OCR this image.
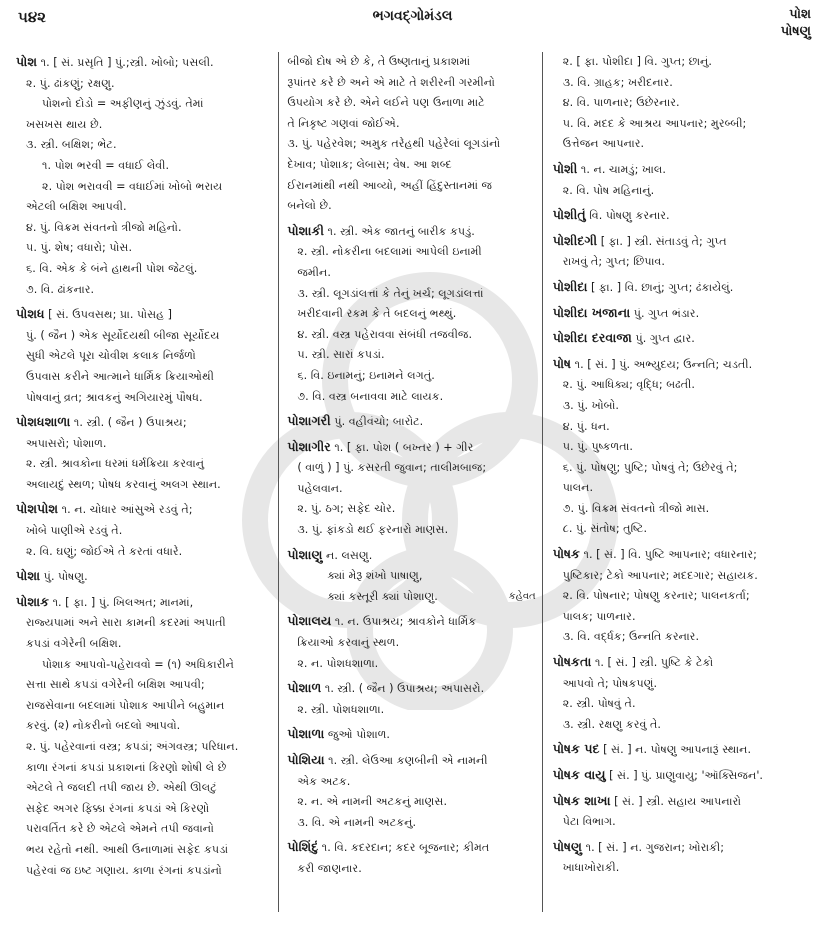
૫૪૨	ભગવદ્ગોમંડલ	પોશ
પોષણુ
પોશ ૧. [ સં. પ્રસૃતિ ] પું.;સ્ત્રી. ખોબો; પસલી.
૨. પું. ઢાંકણું; રક્ષણુ.
પોશનો દોડો = અફીણનું ઝુંડવું. તેમાં
ખસખસ થાય છે.
૩. સ્ત્રી. બક્ષિશ; ભેટ.
૧. પોશ ભરવી = વધાઈ લેવી.
૨. પોશ ભરાવવી = વધાઈમાં ખોબો ભરાય
એટલી બક્ષિશ આપવી.
૪. પું. વિક્રમ સંવતનો ત્રીજો મહિનો.
૫. પું. શેષ; વધારો; પોસ.
૬. વિ. એક કે બંને હાથની પોશ જેટલું.
૭. વિ. ઢાંકનાર.
પોશધ [ સં. ઉપવસથ; પ્રા. પોસહ ]
પું. ( જૈન ) એક સૂર્યોદયથી બીજા સૂર્યોદય
સુધી એટલે પૂરા ચોવીશ કલાક નિર્જળો
ઉપવાસ કરીને આત્માને ધાર્મિક ક્રિયાઓથી
પોષવાનું વ્રત; શ્રાવકનું અગિયારમું પૌષધ.
પોશધશાળા ૧. સ્ત્રી. ( જૈન ) ઉપાશ્રય;
અપાસરો; પોશાળ.
૨. સ્ત્રી. શ્રાવકોના ધરમાં ધર્મક્રિયા કરવાનું
અલાયદું સ્થળ; પોષધ કરવાનું અલગ સ્થાન.
પોશપોશ ૧. ન. ચોધાર આંસુએ રડવું તે;
ખોબે પાણીએ રડવું તે.
૨. વિ. ઘણું; જોઈએ તે કરતાં વધારે.
પોશા પું. પોષણુ.
પોશાક ૧. [ ફા. ] પું. ખિલઅત; માનમાં,
રાજ્યપામાં અને સારા કામની કદરમાં અપાતી
કપડાં વગેરેની બક્ષિશ.
પોશાક આપવો-પહેરાવવો = (૧) અધિકારીને
સત્તા સાથે કપડાં વગેરેની બક્ષિશ આપવી;
રાજસેવાના બદલામાં પોશાક આપીને બહુમાન
કરવું. (૨) નોકરીનો બદલો આપવો.
૨. પું. પહેરવાનાં વસ્ત્ર; કપડાં; અંગવસ્ત્ર; પરિધાન.
કાળા રંગનાં કપડાં પ્રકાશનાં કિરણો શોષી લે છે
એટલે તે જલદી તપી જાય છે. એથી ઊલટું
સફેદ અગર ફિક્કા રંગનાં કપડાં એ કિરણો
પરાવર્તિત કરે છે એટલે એમને તપી જવાનો
ભય રહેતો નથી. આથી ઉનાળામાં સફેદ કપડાં
પહેરવાં જ ઇષ્ટ ગણાય. કાળા રંગનાં કપડાંનો
બીજો દોષ એ છે કે, તે ઉષ્ણતાનું પ્રકાશમાં
રૂપાંતર કરે છે અને એ માટે તે શરીરની ગરમીનો
ઉપયોગ કરે છે. એને લઈને પણ ઉનાળા માટે
તે નિકૃષ્ટ ગણવાં જોઈએ.
૩. પું. પહેરવેશ; અમુક તરેહથી પહેરેલાં લૂગડાંનો
દેખાવ; પોશાક; લેબાસ; વેષ. આ શબ્દ
ઈરાનમાંથી નથી આવ્યો, અહીં હિંદુસ્તાનમાં જ
બનેલો છે.
પોશાકી ૧. સ્ત્રી. એક જાતનું બારીક કપડું.
૨. સ્ત્રી. નોકરીના બદલામાં આપેલી ઇનામી
જમીન.
૩. સ્ત્રી. લૂગડાંલત્તાં કે તેનું ખર્ચ; લૂગડાંલત્તાં
ખરીદવાની રકમ કે તે બદલનું ભથ્થું.
૪. સ્ત્રી. વસ્ત્ર પહેરાવવા સંબંધી તજવીજ.
૫. સ્ત્રી. સારાં કપડાં.
૬. વિ. ઇનામનું; ઇનામને લગતું.
૭. વિ. વસ્ત્ર બનાવવા માટે લાયક.
પોશાગરી પું. વહીવંચો; બારોટ.
પોશાગીર ૧. [ ફા. પોશ ( બખ્તર ) + ગીર
( વાળું ) ] પું. કસરતી જુવાન; તાલીમબાજ;
પહેલવાન.
૨. પું. ઠગ; સફેદ ચોર.
૩. પું. ફાંકડો થઈ ફરનારો માણસ.
પોશાણુ ન. લસણુ.
ક્યાં મેરૂ શંખો પાષાણુ,
ક્યાં કસ્તૂરી ક્યાં પોશાણુ.	કહેવત
પોશાલય ૧. ન. ઉપાશ્રય; શ્રાવકોને ધાર્મિક
ક્રિયાઓ કરવાનું સ્થળ.
૨. ન. પોશધશાળા.
પોશાળ ૧. સ્ત્રી. ( જૈન ) ઉપાશ્રય; અપાસરો.
૨. સ્ત્રી. પોશધશાળા.
પોશાળા જુઓ પોશાળ.
પોશિયા ૧. સ્ત્રી. લેઉઆ કણબીની એ નામની
એક અટક.
૨. ન. એ નામની અટકનું માણસ.
૩. વિ. એ નામની અટકનું.
પોશિંદું ૧. વિ. કદરદાન; કદર બૂજનાર; કીમત
કરી જાણનાર.
૨. [ ફા. પોશીદા ] વિ. ગુપ્ત; છાનું.
૩. વિ. ગ્રાહક; ખરીદનાર.
૪. વિ. પાળનાર; ઉછેરનાર.
૫. વિ. મદદ કે આશ્રય આપનાર; મુરબ્બી;
ઉત્તેજન આપનાર.
પોશી ૧. ન. ચામડું; ખાલ.
૨. વિ. પોષ મહિનાનું.
પોશીતું વિ. પોષણુ કરનાર.
પોશીદગી [ ફા. ] સ્ત્રી. સંતાડવું તે; ગુપ્ત
રાખવું તે; ગુપ્ત; છિપાવ.
પોશીદા [ ફા. ] વિ. છાનું; ગુપ્ત; ઢંકાયેલું.
પોશીદા ખજાના પું. ગુપ્ત ભંડાર.
પોશીદા દરવાજા પું. ગુપ્ત દ્વાર.
પોષ ૧. [ સં. ] પું. અભ્યુદય; ઉન્નતિ; ચડતી.
૨. પું. આધિક્ય; વૃદ્ધિ; બઢતી.
૩. પું. ખોબો.
૪. પું. ધન.
૫. પું. પુષ્કળતા.
૬. પું. પોષણુ; પુષ્ટિ; પોષવું તે; ઉછેરવું તે;
પાલન.
૭. પું. વિક્રમ સંવતનો ત્રીજો માસ.
૮. પું. સંતોષ; તુષ્ટિ.
પોષક ૧. [ સં. ] વિ. પુષ્ટિ આપનાર; વધારનાર;
પુષ્ટિકાર; ટેકો આપનાર; મદદગાર; સહાયક.
૨. વિ. પોષનાર; પોષણુ કરનાર; પાલનકર્તા;
પાલક; પાળનાર.
૩. વિ. વર્દ્ધક; ઉન્નતિ કરનાર.
પોષકતા ૧. [ સં. ] સ્ત્રી. પુષ્ટિ કે ટેકો
આપવો તે; પોષકપણું.
૨. સ્ત્રી. પોષવું તે.
૩. સ્ત્રી. રક્ષણુ કરવું તે.
પોષક પદ [ સં. ] ન. પોષણુ આપનારૂં સ્થાન.
પોષક વાયુ [ સં. ] પું. પ્રાણુવાયુ; 'ઑક્સિજન'.
પોષક શાખા [ સં. ] સ્ત્રી. સહાય આપનારો
પેટા વિભાગ.
પોષણુ ૧. [ સં. ] ન. ગુજરાન; ખોરાકી;
ખાધાખોરાકી.
